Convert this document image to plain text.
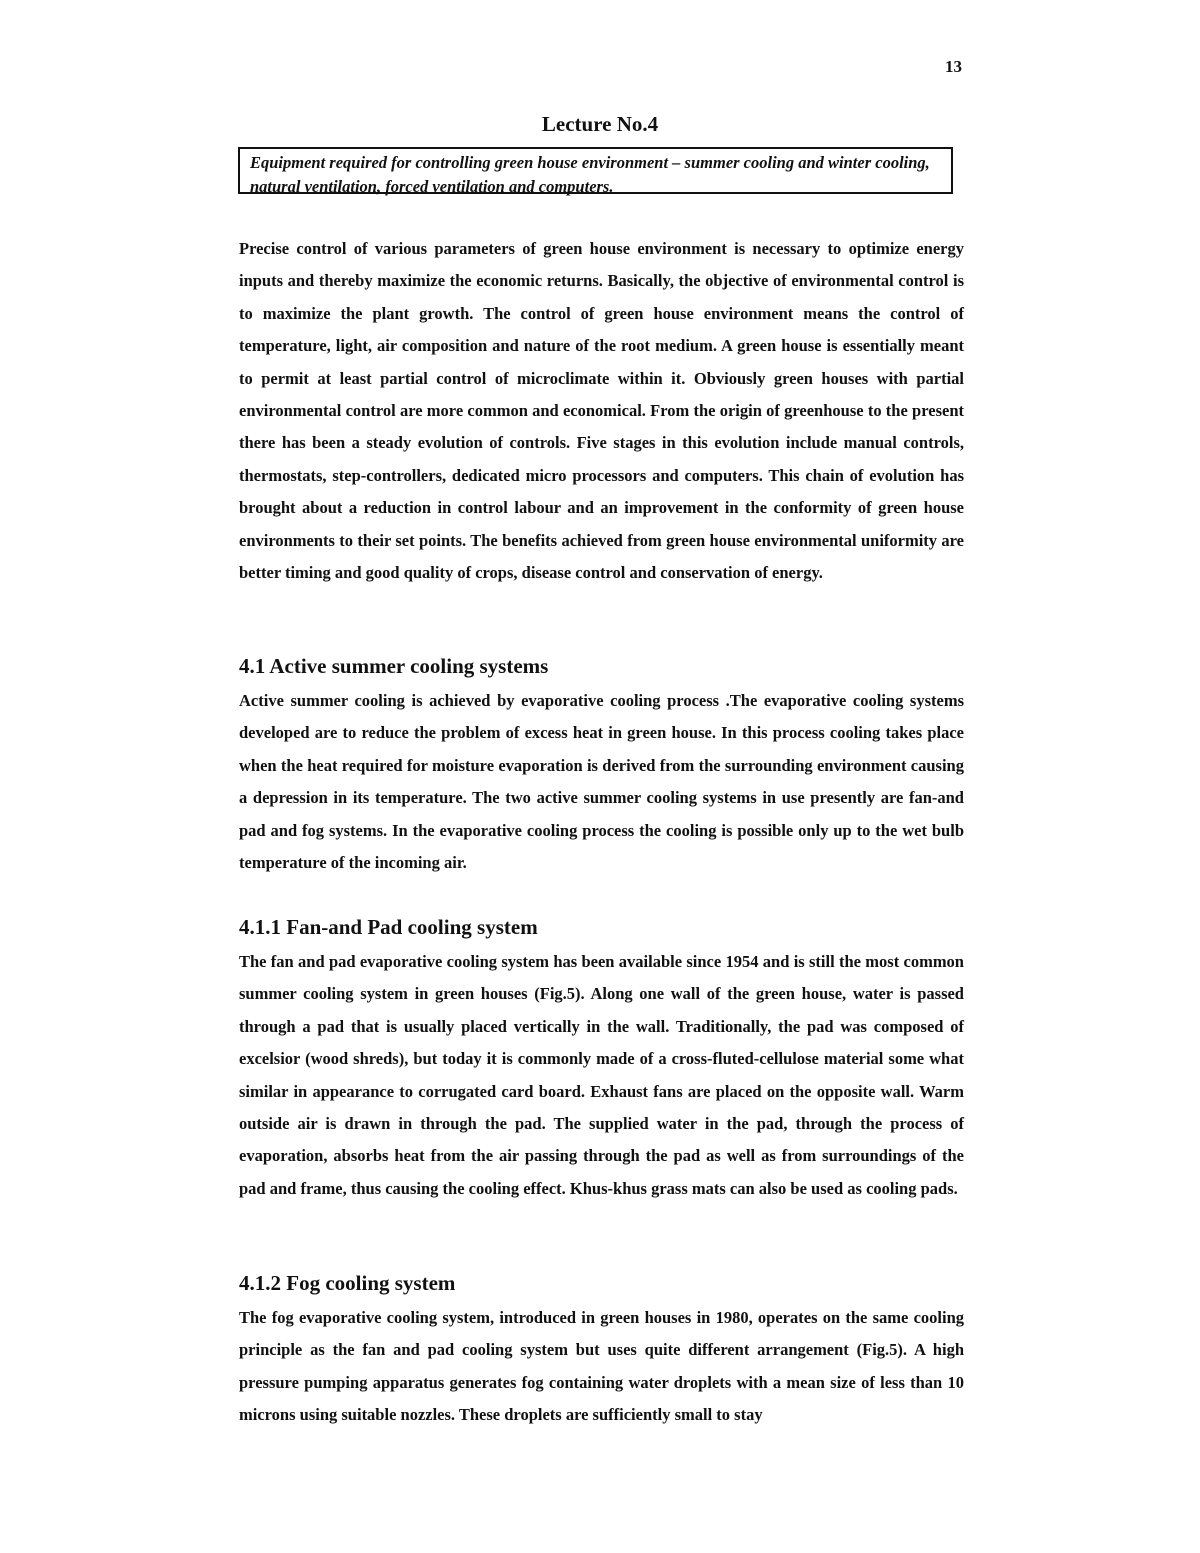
13
Lecture No.4
Equipment required for controlling green house environment – summer cooling and winter cooling, natural ventilation, forced ventilation and computers.

Precise control of various parameters of green house environment is necessary to optimize energy inputs and thereby maximize the economic returns. Basically, the objective of environmental control is to maximize the plant growth. The control of green house environment means the control of temperature, light, air composition and nature of the root medium. A green house is essentially meant to permit at least partial control of microclimate within it. Obviously green houses with partial environmental control are more common and economical. From the origin of greenhouse to the present there has been a steady evolution of controls. Five stages in this evolution include manual controls, thermostats, step-controllers, dedicated micro processors and computers. This chain of evolution has brought about a reduction in control labour and an improvement in the conformity of green house environments to their set points. The benefits achieved from green house environmental uniformity are better timing and good quality of crops, disease control and conservation of energy.

4.1 Active summer cooling systems

Active summer cooling is achieved by evaporative cooling process .The evaporative cooling systems developed are to reduce the problem of excess heat in green house. In this process cooling takes place when the heat required for moisture evaporation is derived from the surrounding environment causing a depression in its temperature. The two active summer cooling systems in use presently are fan-and pad and fog systems. In the evaporative cooling process the cooling is possible only up to the wet bulb temperature of the incoming air.

4.1.1 Fan-and Pad cooling system

The fan and pad evaporative cooling system has been available since 1954 and is still the most common summer cooling system in green houses (Fig.5). Along one wall of the green house, water is passed through a pad that is usually placed vertically in the wall. Traditionally, the pad was composed of excelsior (wood shreds), but today it is commonly made of a cross-fluted-cellulose material some what similar in appearance to corrugated card board. Exhaust fans are placed on the opposite wall. Warm outside air is drawn in through the pad. The supplied water in the pad, through the process of evaporation, absorbs heat from the air passing through the pad as well as from surroundings of the pad and frame, thus causing the cooling effect. Khus-khus grass mats can also be used as cooling pads.

4.1.2 Fog cooling system

The fog evaporative cooling system, introduced in green houses in 1980, operates on the same cooling principle as the fan and pad cooling system but uses quite different arrangement (Fig.5). A high pressure pumping apparatus generates fog containing water droplets with a mean size of less than 10 microns using suitable nozzles. These droplets are sufficiently small to stay
